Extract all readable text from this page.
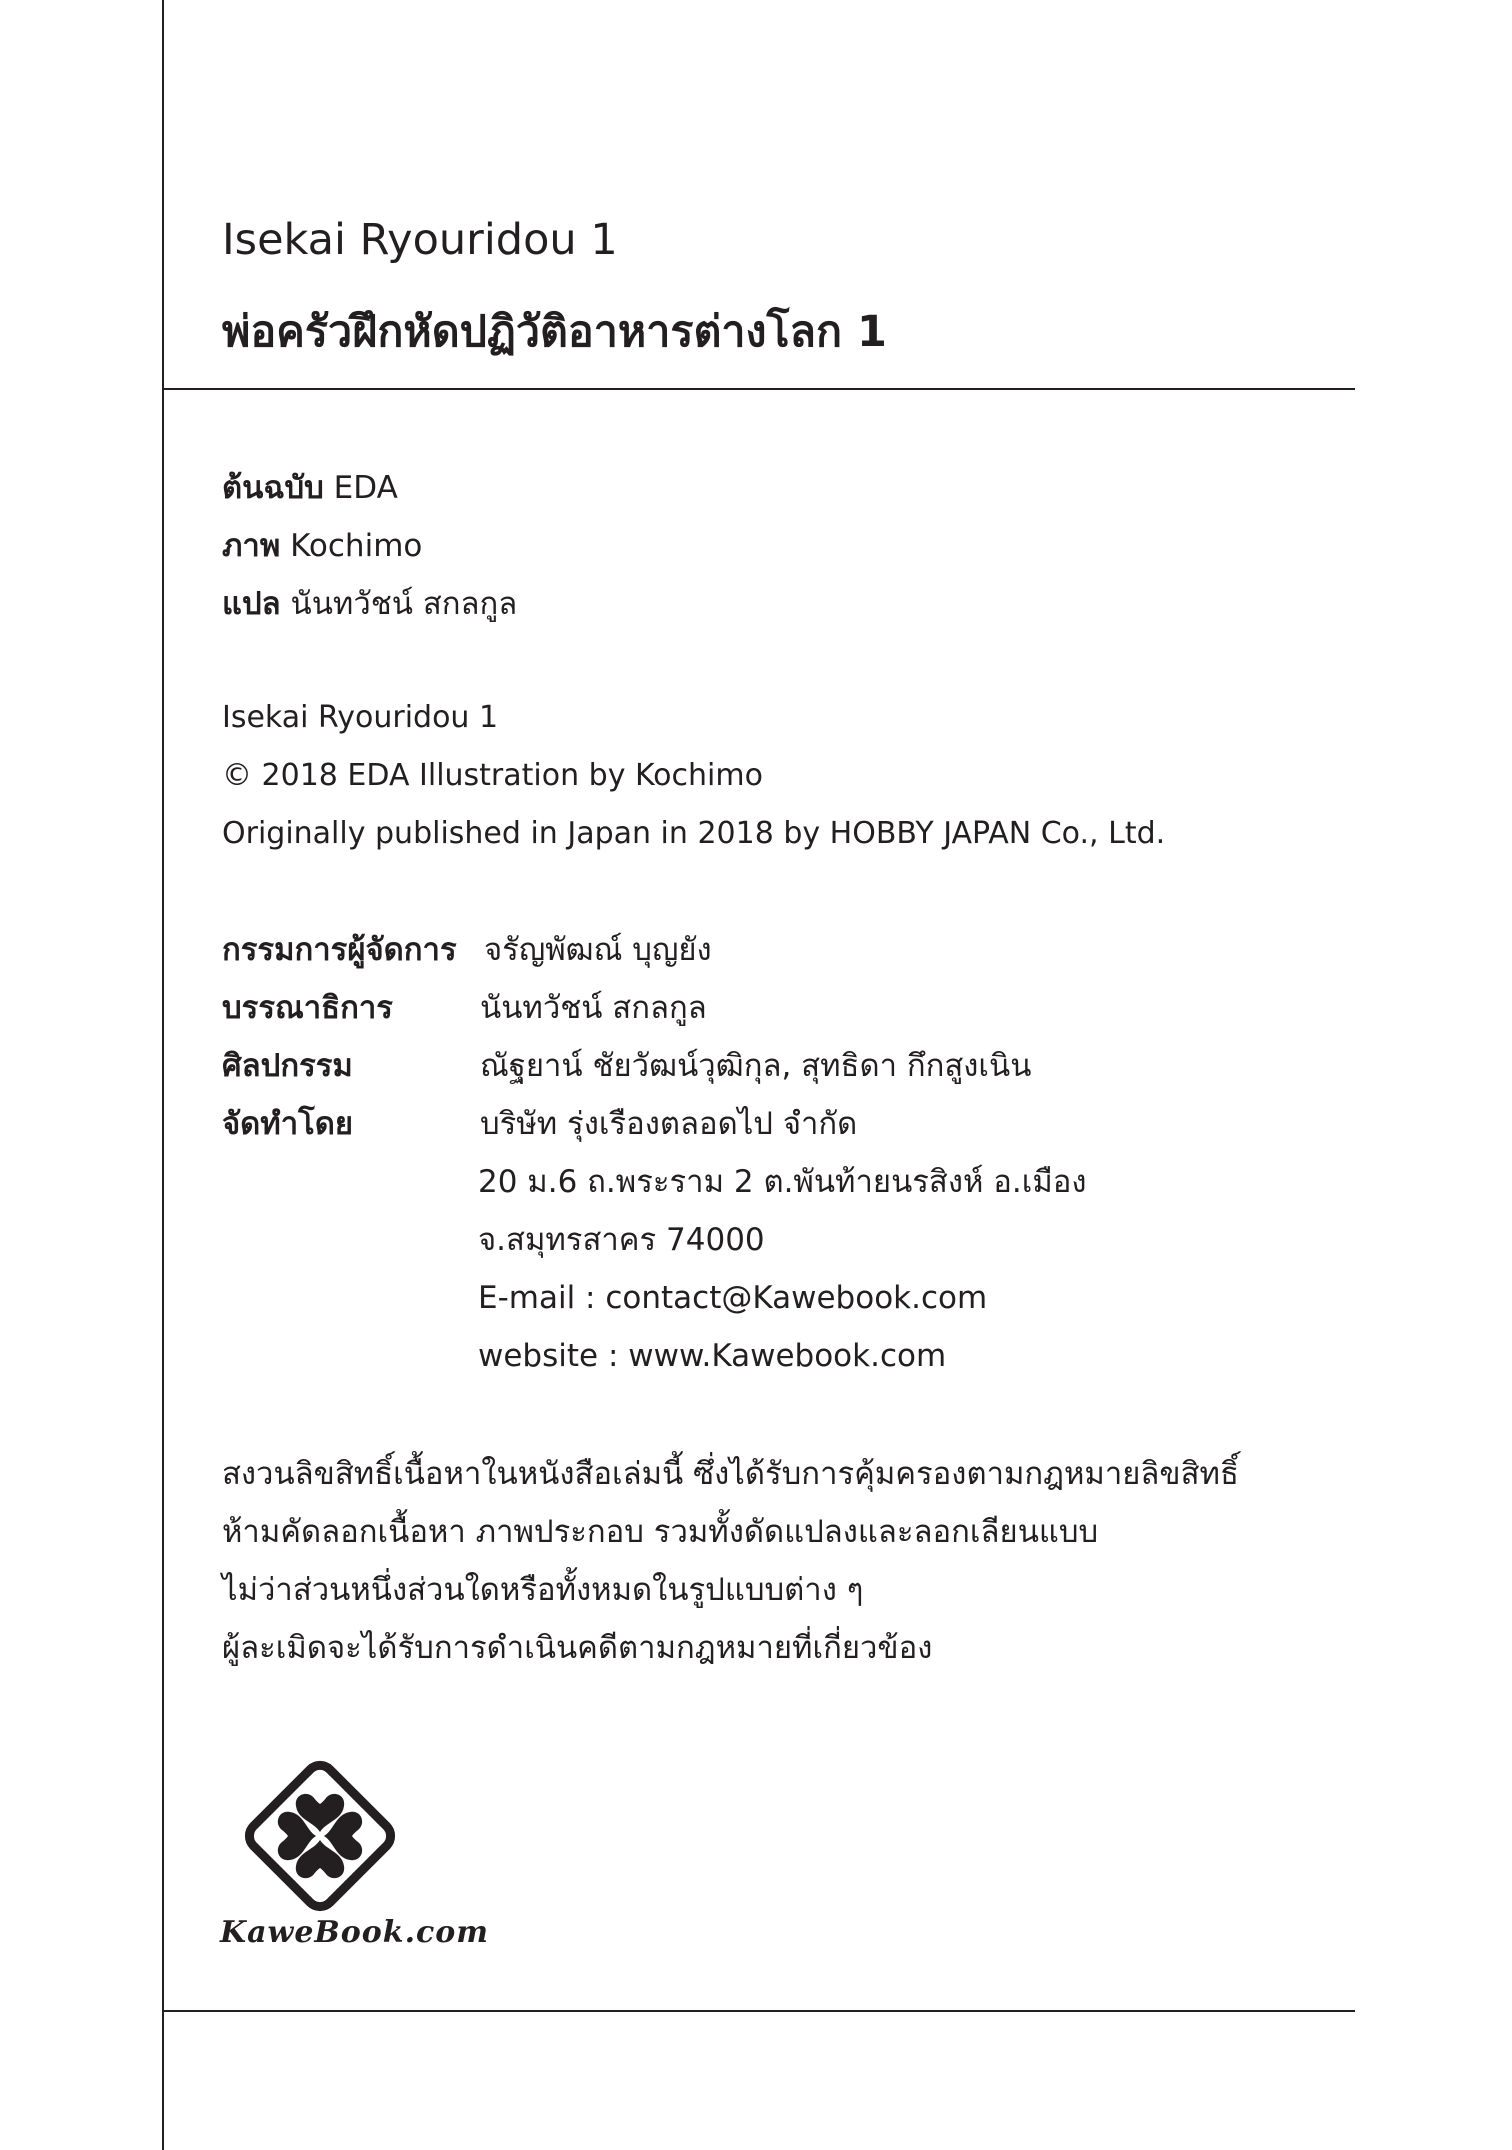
Isekai Ryouridou 1
พ่อครัวฝึกหัดปฏิวัติอาหารต่างโลก 1
ต้นฉบับ EDA
ภาพ Kochimo
แปล นันทวัชน์ สกลกูล
Isekai Ryouridou 1
© 2018 EDA Illustration by Kochimo
Originally published in Japan in 2018 by HOBBY JAPAN Co., Ltd.
กรรมการผู้จัดการ จรัญพัฒณ์ บุญยัง
บรรณาธิการ	นันทวัชน์ สกลกูล
ศิลปกรรม	ณัฐยาน์ ชัยวัฒน์วุฒิกุล, สุทธิดา กึกสูงเนิน
จัดทำโดย	บริษัท รุ่งเรืองตลอดไป จำกัด
20 ม.6 ถ.พระราม 2 ต.พันท้ายนรสิงห์ อ.เมือง
จ.สมุทรสาคร 74000
E-mail : contact@Kawebook.com
website : www.Kawebook.com
สงวนลิขสิทธิ์เนื้อหาในหนังสือเล่มนี้ ซึ่งได้รับการคุ้มครองตามกฎหมายลิขสิทธิ์
ห้ามคัดลอกเนื้อหา ภาพประกอบ รวมทั้งดัดแปลงและลอกเลียนแบบ
ไม่ว่าส่วนหนึ่งส่วนใดหรือทั้งหมดในรูปแบบต่าง ๆ
ผู้ละเมิดจะได้รับการดำเนินคดีตามกฎหมายที่เกี่ยวข้อง
KaweBook.com
